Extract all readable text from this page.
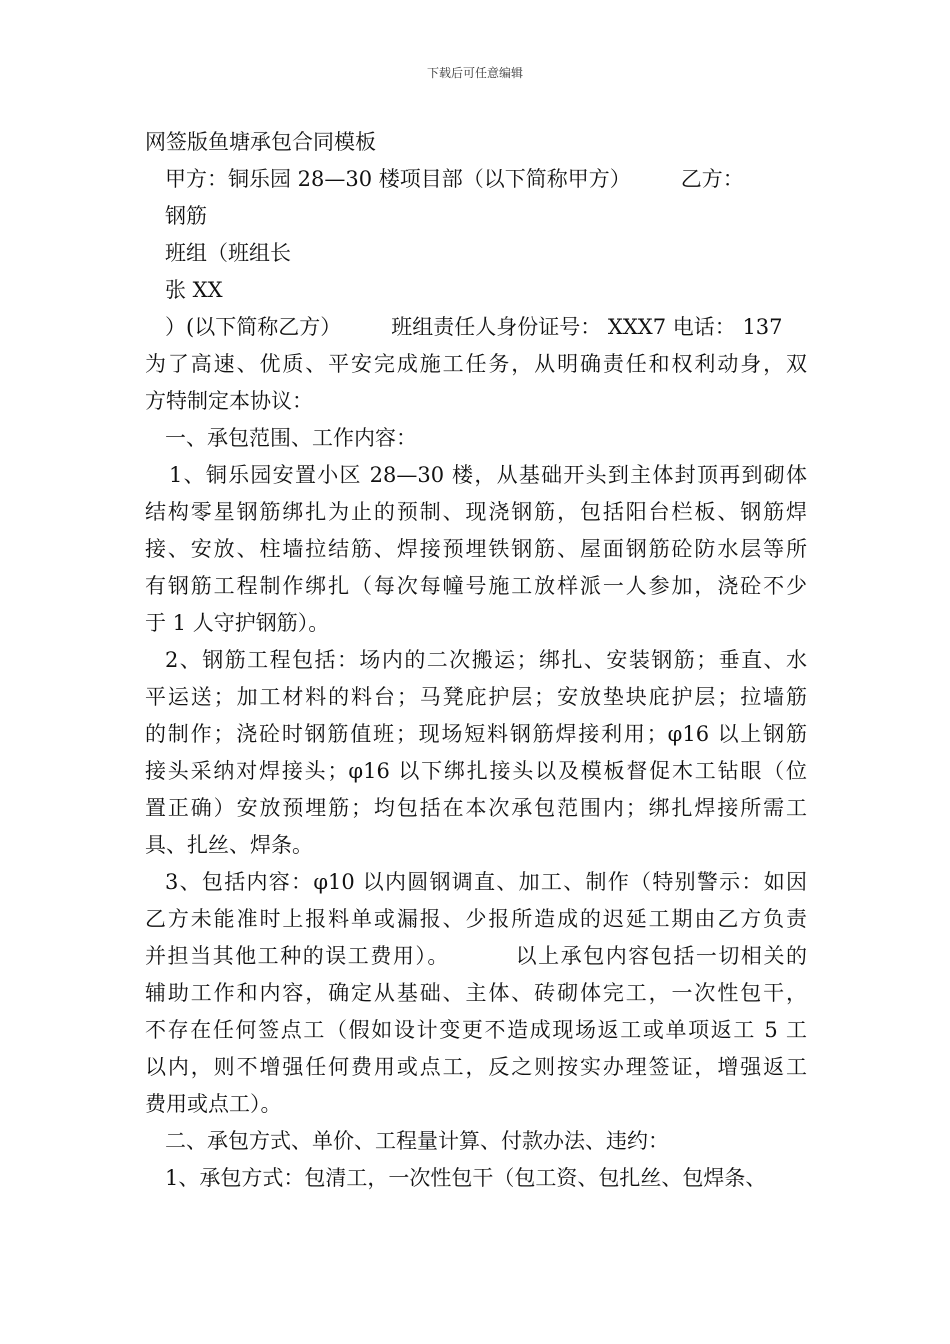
下载后可任意编辑
网签版鱼塘承包合同模板
甲方：铜乐园 28—30 楼项目部（以下简称甲方） 乙方：
钢筋
班组（班组长
张 XX
）(以下简称乙方） 班组责任人身份证号： XXX7 电话： 137
为了高速、优质、平安完成施工任务，从明确责任和权利动身，双
方特制定本协议：
一、承包范围、工作内容：
1、铜乐园安置小区 28—30 楼，从基础开头到主体封顶再到砌体
结构零星钢筋绑扎为止的预制、现浇钢筋，包括阳台栏板、钢筋焊
接、安放、柱墙拉结筋、焊接预埋铁钢筋、屋面钢筋砼防水层等所
有钢筋工程制作绑扎（每次每幢号施工放样派一人参加，浇砼不少
于 1 人守护钢筋）。
2、钢筋工程包括：场内的二次搬运；绑扎、安装钢筋；垂直、水
平运送；加工材料的料台；马凳庇护层；安放垫块庇护层；拉墙筋
的制作；浇砼时钢筋值班；现场短料钢筋焊接利用；φ16 以上钢筋
接头采纳对焊接头；φ16 以下绑扎接头以及模板督促木工钻眼（位
置正确）安放预埋筋；均包括在本次承包范围内；绑扎焊接所需工
具、扎丝、焊条。
3、包括内容：φ10 以内圆钢调直、加工、制作（特别警示：如因
乙方未能准时上报料单或漏报、少报所造成的迟延工期由乙方负责
并担当其他工种的误工费用）。        以上承包内容包括一切相关的
辅助工作和内容，确定从基础、主体、砖砌体完工，一次性包干，
不存在任何签点工（假如设计变更不造成现场返工或单项返工 5 工
以内，则不增强任何费用或点工，反之则按实办理签证，增强返工
费用或点工）。
二、承包方式、单价、工程量计算、付款办法、违约：
1、承包方式：包清工，一次性包干（包工资、包扎丝、包焊条、
